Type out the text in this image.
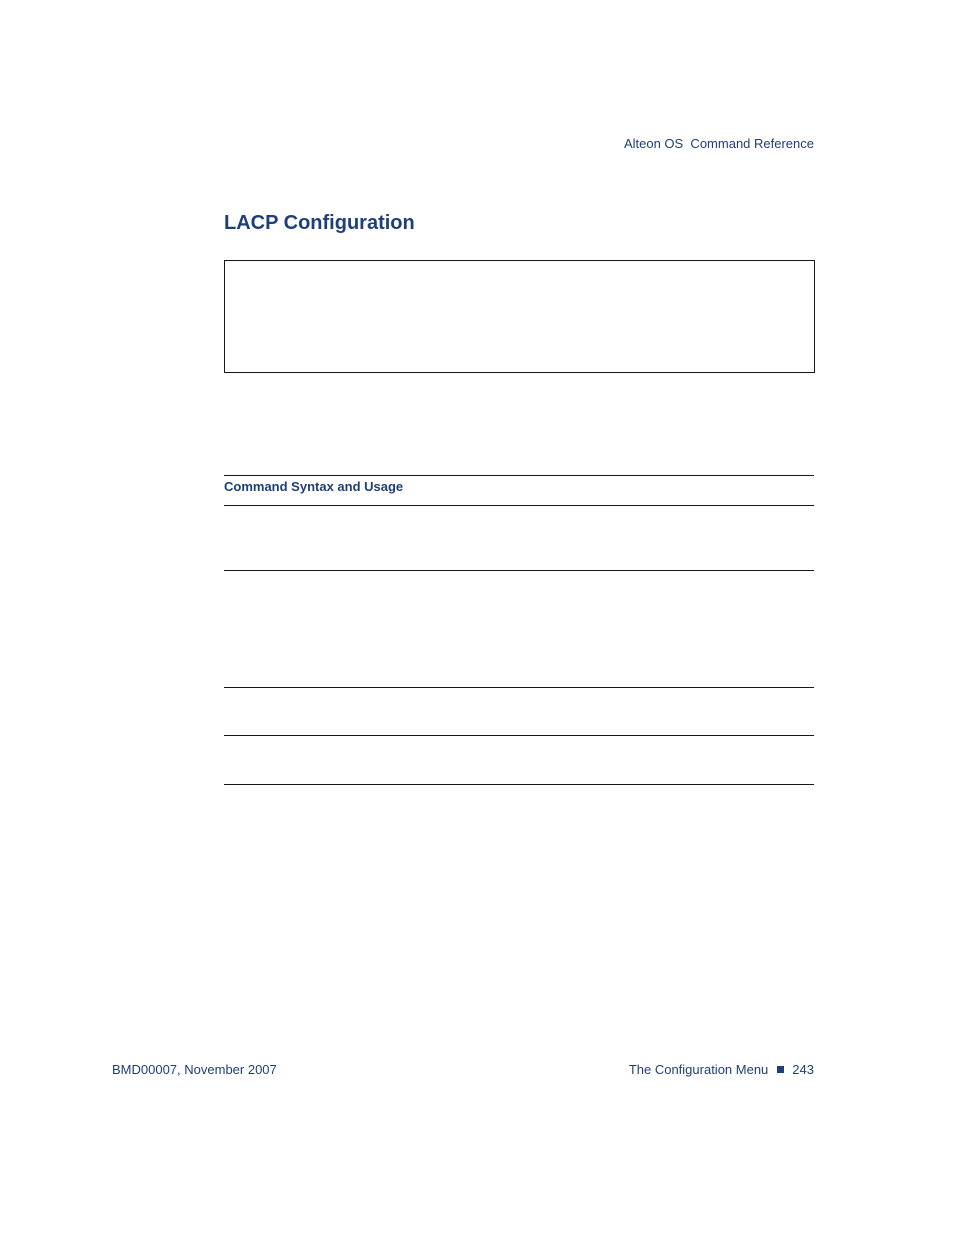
Alteon OS  Command Reference
LACP Configuration
Command Syntax and Usage
BMD00007, November 2007	The Configuration Menu 243
